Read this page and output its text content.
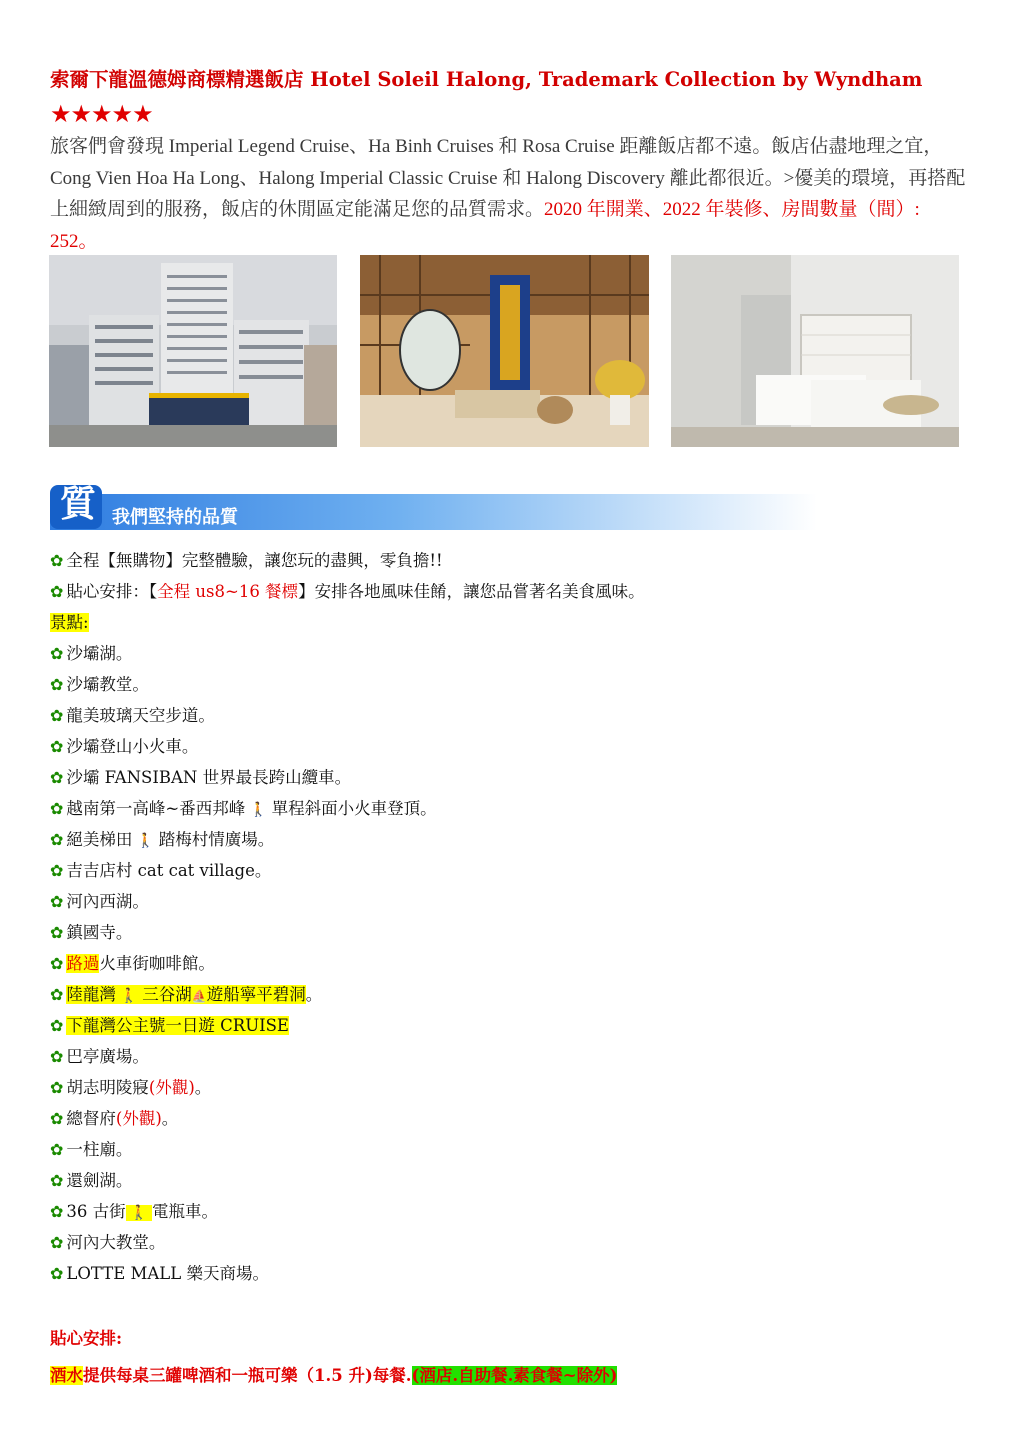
索爾下龍溫德姆商標精選飯店 Hotel Soleil Halong, Trademark Collection by Wyndham
★★★★★
旅客們會發現 Imperial Legend Cruise、Ha Binh Cruises 和 Rosa Cruise 距離飯店都不遠。飯店佔盡地理之宜，Cong Vien Hoa Ha Long、Halong Imperial Classic Cruise 和 Halong Discovery 離此都很近。>優美的環境，再搭配上細緻周到的服務，飯店的休閒區定能滿足您的品質需求。2020 年開業、2022 年裝修、房間數量（間）: 252。
質 我們堅持的品質
✿ 全程【無購物】完整體驗，讓您玩的盡興，零負擔!!
✿ 貼心安排：【全程 us8~16 餐標】安排各地風味佳餚，讓您品嘗著名美食風味。
景點:
✿ 沙壩湖。
✿ 沙壩教堂。
✿ 龍美玻璃天空步道。
✿ 沙壩登山小火車。
✿ 沙壩 FANSIBAN 世界最長跨山纜車。
✿ 越南第一高峰~番西邦峰 🚶 單程斜面小火車登頂。
✿ 絕美梯田 🚶 踏梅村情廣場。
✿ 吉吉店村 cat cat village。
✿ 河內西湖。
✿ 鎮國寺。
✿ 路過火車街咖啡館。
✿ 陸龍灣 🚶 三谷湖⛵遊船寧平碧洞。
✿ 下龍灣公主號一日遊 CRUISE
✿ 巴亭廣場。
✿ 胡志明陵寢(外觀)。
✿ 總督府(外觀)。
✿ 一柱廟。
✿ 還劍湖。
✿ 36 古街 🚶 電瓶車。
✿ 河內大教堂。
✿ LOTTE MALL 樂天商場。
貼心安排:
酒水提供每桌三罐啤酒和一瓶可樂（1.5 升)每餐.(酒店.自助餐.素食餐~除外)
